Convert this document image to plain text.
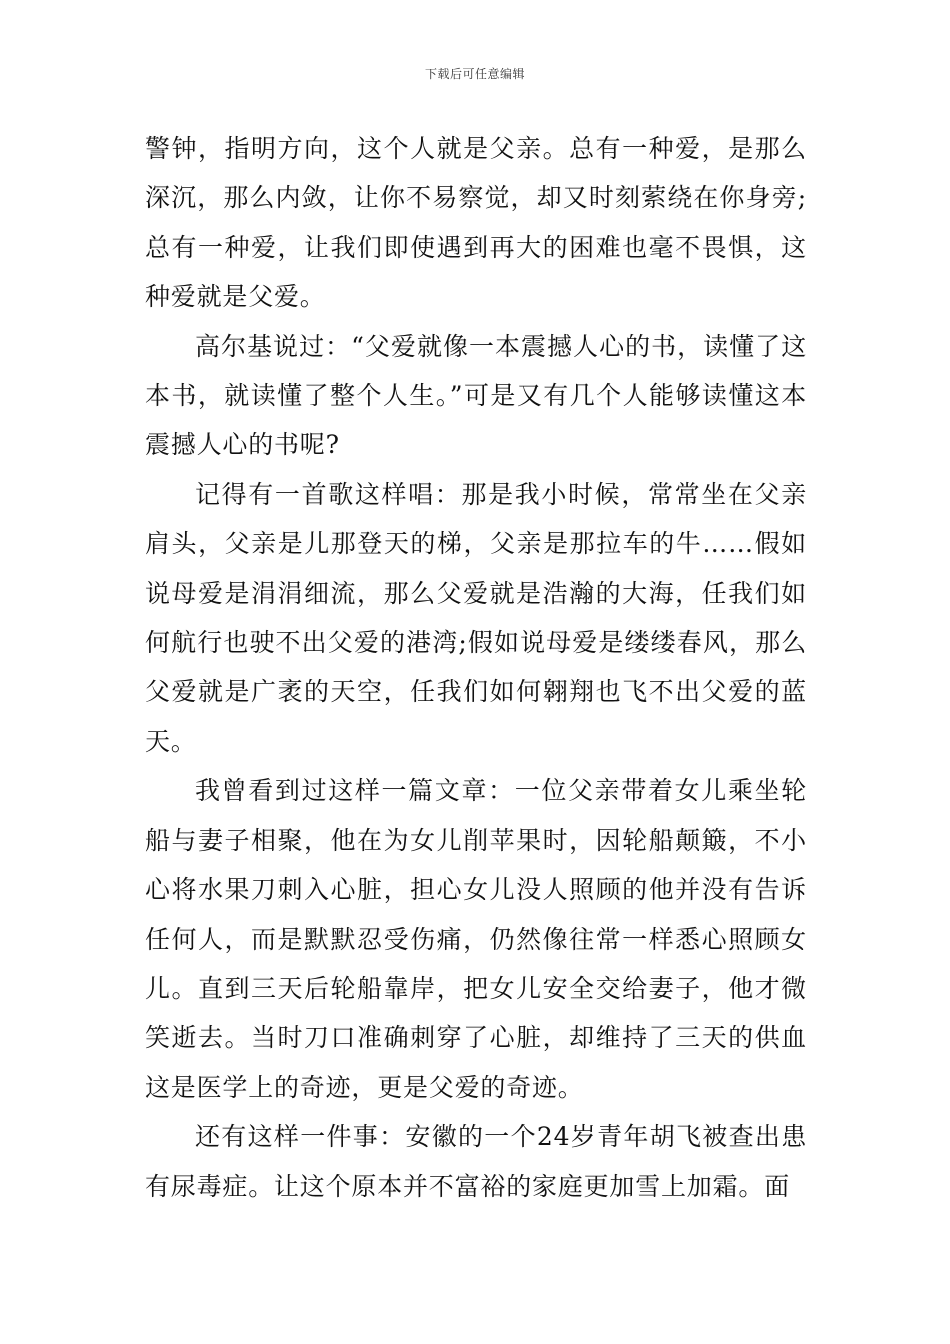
下载后可任意编辑

警钟，指明方向，这个人就是父亲。总有一种爱，是那么深沉，那么内敛，让你不易察觉，却又时刻萦绕在你身旁;总有一种爱，让我们即使遇到再大的困难也毫不畏惧，这种爱就是父爱。

高尔基说过：“父爱就像一本震撼人心的书，读懂了这本书，就读懂了整个人生。”可是又有几个人能够读懂这本震撼人心的书呢?

记得有一首歌这样唱：那是我小时候，常常坐在父亲肩头，父亲是儿那登天的梯，父亲是那拉车的牛……假如说母爱是涓涓细流，那么父爱就是浩瀚的大海，任我们如何航行也驶不出父爱的港湾;假如说母爱是缕缕春风，那么父爱就是广袤的天空，任我们如何翱翔也飞不出父爱的蓝天。

我曾看到过这样一篇文章：一位父亲带着女儿乘坐轮船与妻子相聚，他在为女儿削苹果时，因轮船颠簸，不小心将水果刀刺入心脏，担心女儿没人照顾的他并没有告诉任何人，而是默默忍受伤痛，仍然像往常一样悉心照顾女儿。直到三天后轮船靠岸，把女儿安全交给妻子，他才微笑逝去。当时刀口准确刺穿了心脏，却维持了三天的供血这是医学上的奇迹，更是父爱的奇迹。

还有这样一件事：安徽的一个24岁青年胡飞被查出患有尿毒症。让这个原本并不富裕的家庭更加雪上加霜。面
